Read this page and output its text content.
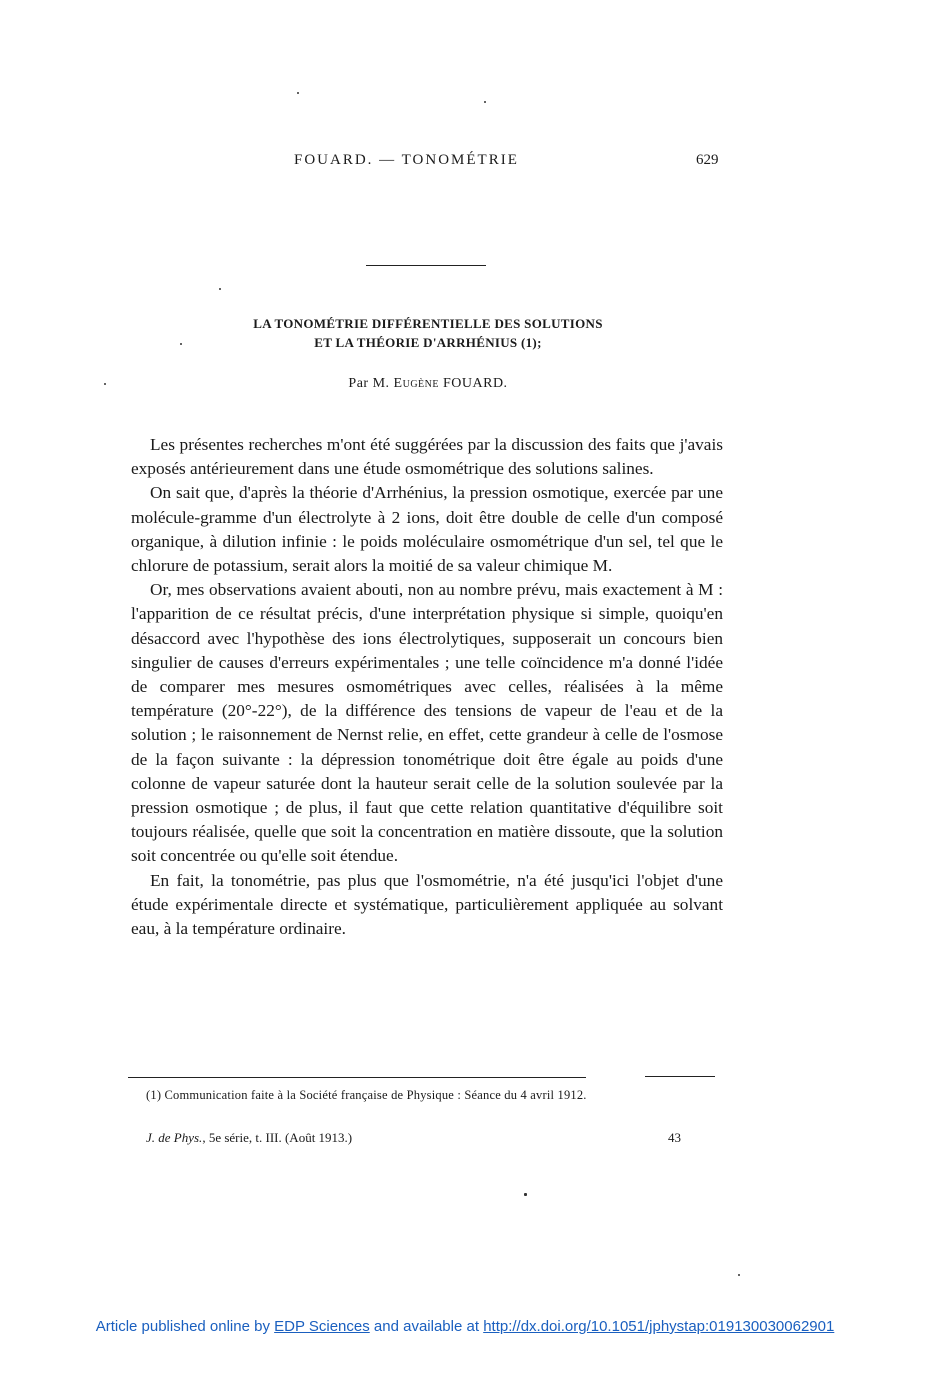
FOUARD. — TONOMÉTRIE	629
LA TONOMÉTRIE DIFFÉRENTIELLE DES SOLUTIONS
ET LA THÉORIE D'ARRHÉNIUS (1);
Par M. Eugène FOUARD.

Les présentes recherches m'ont été suggérées par la discussion des faits que j'avais exposés antérieurement dans une étude osmométrique des solutions salines.

On sait que, d'après la théorie d'Arrhénius, la pression osmotique, exercée par une molécule-gramme d'un électrolyte à 2 ions, doit être double de celle d'un composé organique, à dilution infinie : le poids moléculaire osmométrique d'un sel, tel que le chlorure de potassium, serait alors la moitié de sa valeur chimique M.

Or, mes observations avaient abouti, non au nombre prévu, mais exactement à M : l'apparition de ce résultat précis, d'une interprétation physique si simple, quoiqu'en désaccord avec l'hypothèse des ions électrolytiques, supposerait un concours bien singulier de causes d'erreurs expérimentales ; une telle coïncidence m'a donné l'idée de comparer mes mesures osmométriques avec celles, réalisées à la même température (20°-22°), de la différence des tensions de vapeur de l'eau et de la solution ; le raisonnement de Nernst relie, en effet, cette grandeur à celle de l'osmose de la façon suivante : la dépression tonométrique doit être égale au poids d'une colonne de vapeur saturée dont la hauteur serait celle de la solution soulevée par la pression osmotique ; de plus, il faut que cette relation quantitative d'équilibre soit toujours réalisée, quelle que soit la concentration en matière dissoute, que la solution soit concentrée ou qu'elle soit étendue.

En fait, la tonométrie, pas plus que l'osmométrie, n'a été jusqu'ici l'objet d'une étude expérimentale directe et systématique, particulièrement appliquée au solvant eau, à la température ordinaire.

(1) Communication faite à la Société française de Physique : Séance du 4 avril 1912.
J. de Phys., 5e série, t. III. (Août 1913.)	43
Article published online by EDP Sciences and available at http://dx.doi.org/10.1051/jphystap:019130030062901
